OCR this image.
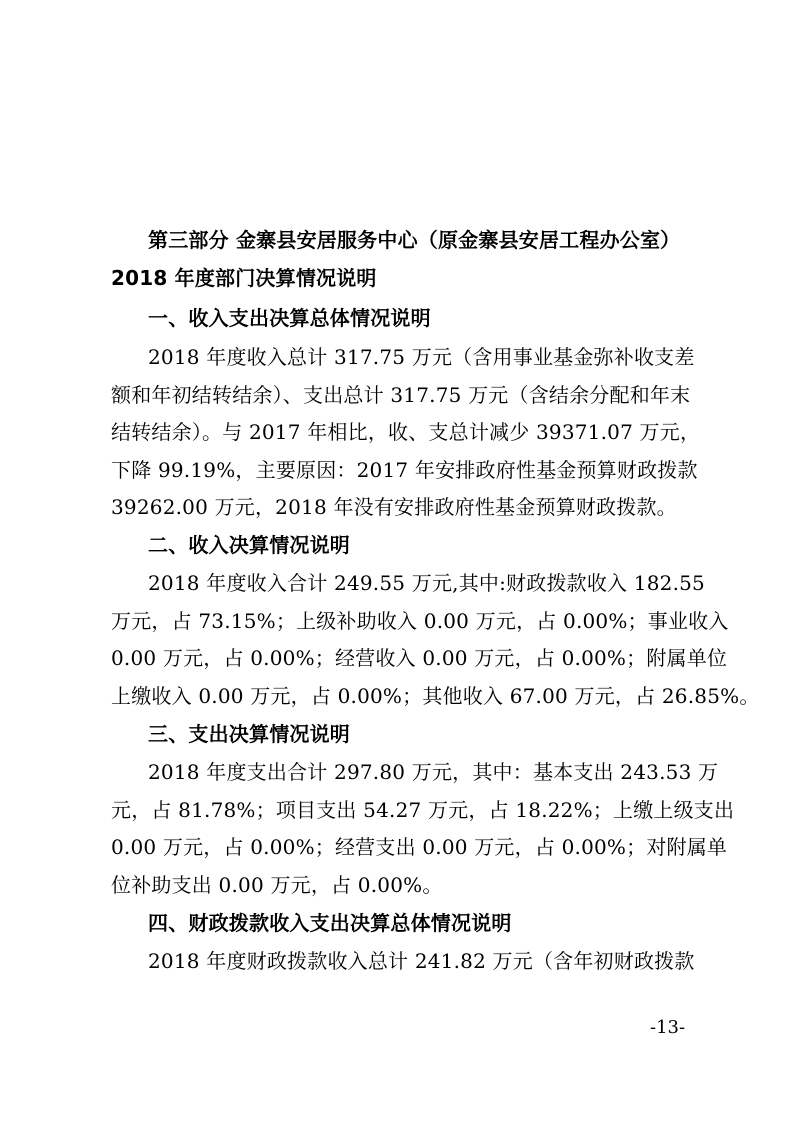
第三部分 金寨县安居服务中心（原金寨县安居工程办公室）
2018 年度部门决算情况说明
一、收入支出决算总体情况说明
2018 年度收入总计 317.75 万元（含用事业基金弥补收支差
额和年初结转结余）、支出总计 317.75 万元（含结余分配和年末
结转结余）。与 2017 年相比，收、支总计减少 39371.07 万元，
下降 99.19%，主要原因：2017 年安排政府性基金预算财政拨款
39262.00 万元，2018 年没有安排政府性基金预算财政拨款。
二、收入决算情况说明
2018 年度收入合计 249.55 万元,其中:财政拨款收入 182.55
万元，占 73.15%；上级补助收入 0.00 万元，占 0.00%；事业收入
0.00 万元，占 0.00%；经营收入 0.00 万元，占 0.00%；附属单位
上缴收入 0.00 万元，占 0.00%；其他收入 67.00 万元，占 26.85%。
三、支出决算情况说明
2018 年度支出合计 297.80 万元，其中：基本支出 243.53 万
元，占 81.78%；项目支出 54.27 万元，占 18.22%；上缴上级支出
0.00 万元，占 0.00%；经营支出 0.00 万元，占 0.00%；对附属单
位补助支出 0.00 万元，占 0.00%。
四、财政拨款收入支出决算总体情况说明
2018 年度财政拨款收入总计 241.82 万元（含年初财政拨款
-13-
